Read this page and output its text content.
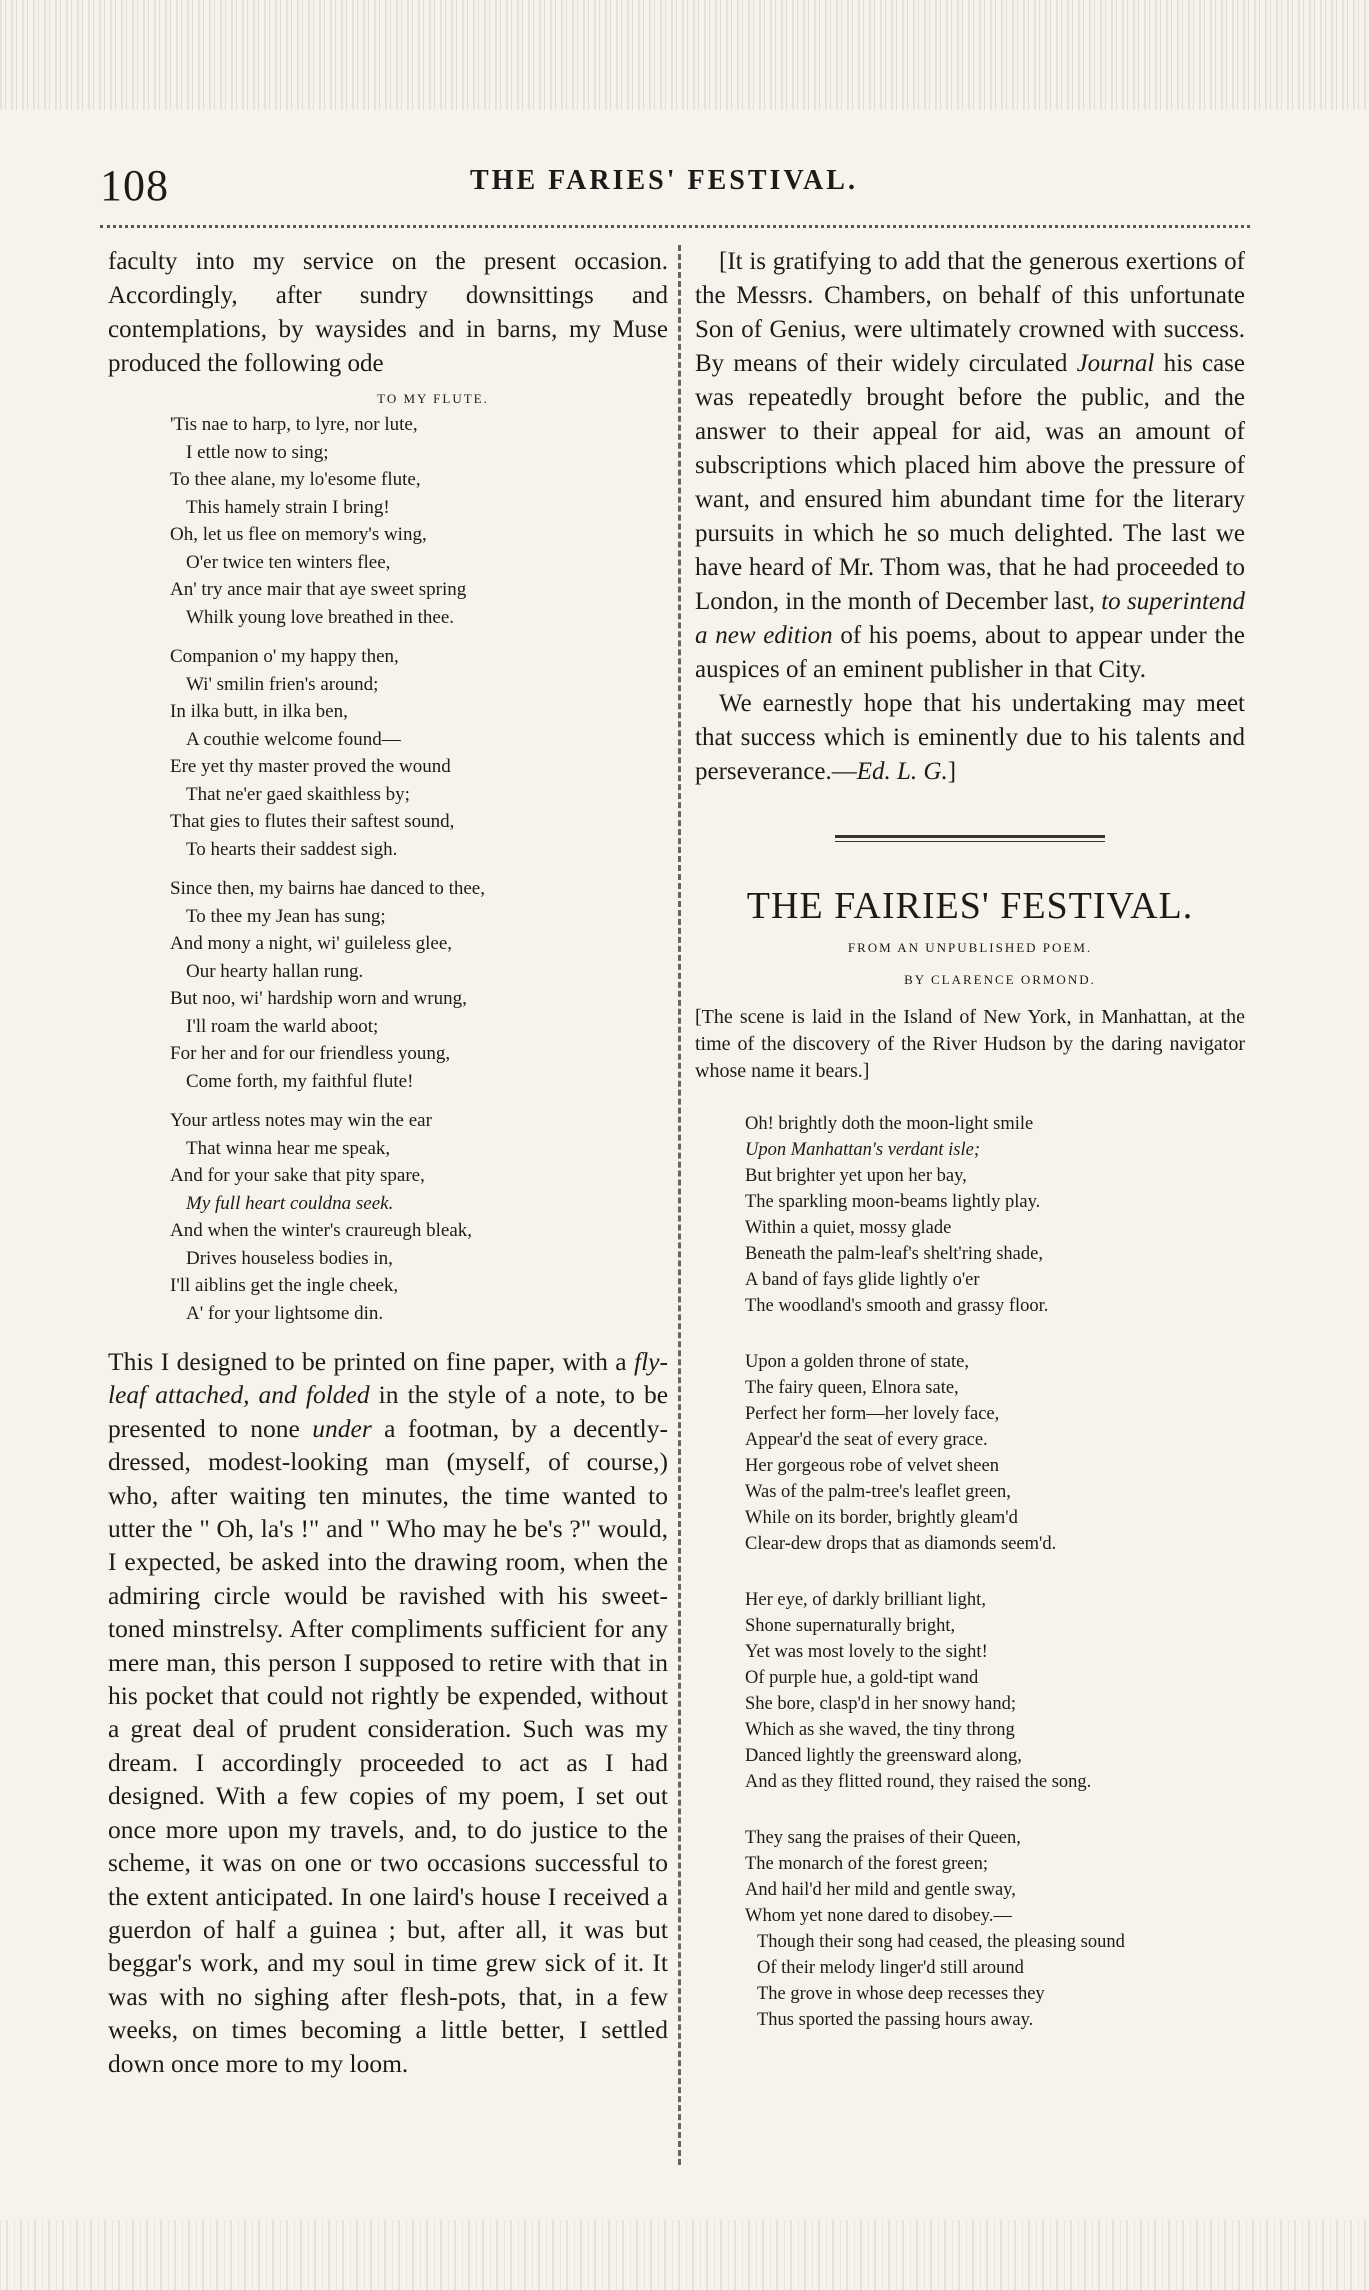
108	THE FARIES' FESTIVAL.

faculty into my service on the present occasion. Accordingly, after sundry downsittings and contemplations, by waysides and in barns, my Muse produced the following ode

TO MY FLUTE.
'Tis nae to harp, to lyre, nor lute,
I ettle now to sing;
To thee alane, my lo'esome flute,
This hamely strain I bring!
Oh, let us flee on memory's wing,
O'er twice ten winters flee,
An' try ance mair that aye sweet spring
Whilk young love breathed in thee.
Companion o' my happy then,
Wi' smilin frien's around;
In ilka butt, in ilka ben,
A couthie welcome found—
Ere yet thy master proved the wound
That ne'er gaed skaithless by;
That gies to flutes their saftest sound,
To hearts their saddest sigh.
Since then, my bairns hae danced to thee,
To thee my Jean has sung;
And mony a night, wi' guileless glee,
Our hearty hallan rung.
But noo, wi' hardship worn and wrung,
I'll roam the warld aboot;
For her and for our friendless young,
Come forth, my faithful flute!
Your artless notes may win the ear
That winna hear me speak,
And for your sake that pity spare,
My full heart couldna seek.
And when the winter's craureugh bleak,
Drives houseless bodies in,
I'll aiblins get the ingle cheek,
A' for your lightsome din.

This I designed to be printed on fine paper, with a fly-leaf attached, and folded in the style of a note, to be presented to none under a footman, by a decently-dressed, modest-looking man (myself, of course,) who, after waiting ten minutes, the time wanted to utter the " Oh, la's !" and " Who may he be's ?" would, I expected, be asked into the drawing room, when the admiring circle would be ravished with his sweet-toned minstrelsy. After compliments sufficient for any mere man, this person I supposed to retire with that in his pocket that could not rightly be expended, without a great deal of prudent consideration. Such was my dream. I accordingly proceeded to act as I had designed. With a few copies of my poem, I set out once more upon my travels, and, to do justice to the scheme, it was on one or two occasions successful to the extent anticipated. In one laird's house I received a guerdon of half a guinea ; but, after all, it was but beggar's work, and my soul in time grew sick of it. It was with no sighing after flesh-pots, that, in a few weeks, on times becoming a little better, I settled down once more to my loom.

[It is gratifying to add that the generous exertions of the Messrs. Chambers, on behalf of this unfortunate Son of Genius, were ultimately crowned with success. By means of their widely circulated Journal his case was repeatedly brought before the public, and the answer to their appeal for aid, was an amount of subscriptions which placed him above the pressure of want, and ensured him abundant time for the literary pursuits in which he so much delighted. The last we have heard of Mr. Thom was, that he had proceeded to London, in the month of December last, to superintend a new edition of his poems, about to appear under the auspices of an eminent publisher in that City.

We earnestly hope that his undertaking may meet that success which is eminently due to his talents and perseverance.—Ed. L. G.]

THE FAIRIES' FESTIVAL.
FROM AN UNPUBLISHED POEM.
BY CLARENCE ORMOND.

[The scene is laid in the Island of New York, in Manhattan, at the time of the discovery of the River Hudson by the daring navigator whose name it bears.]

Oh! brightly doth the moon-light smile
Upon Manhattan's verdant isle;
But brighter yet upon her bay,
The sparkling moon-beams lightly play.
Within a quiet, mossy glade
Beneath the palm-leaf's shelt'ring shade,
A band of fays glide lightly o'er
The woodland's smooth and grassy floor.
Upon a golden throne of state,
The fairy queen, Elnora sate,
Perfect her form—her lovely face,
Appear'd the seat of every grace.
Her gorgeous robe of velvet sheen
Was of the palm-tree's leaflet green,
While on its border, brightly gleam'd
Clear-dew drops that as diamonds seem'd.
Her eye, of darkly brilliant light,
Shone supernaturally bright,
Yet was most lovely to the sight!
Of purple hue, a gold-tipt wand
She bore, clasp'd in her snowy hand;
Which as she waved, the tiny throng
Danced lightly the greensward along,
And as they flitted round, they raised the song.
They sang the praises of their Queen,
The monarch of the forest green;
And hail'd her mild and gentle sway,
Whom yet none dared to disobey.—
Though their song had ceased, the pleasing sound
Of their melody linger'd still around
The grove in whose deep recesses they
Thus sported the passing hours away.
